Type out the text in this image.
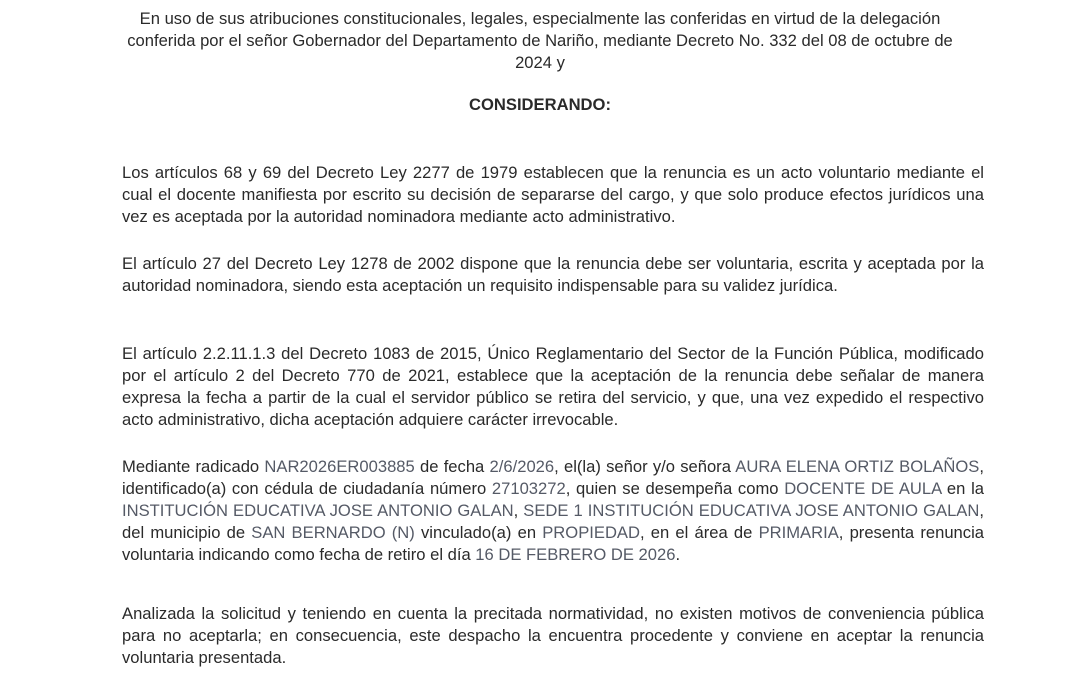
En uso de sus atribuciones constitucionales, legales, especialmente las conferidas en virtud de la delegación conferida por el señor Gobernador del Departamento de Nariño, mediante Decreto No. 332 del 08 de octubre de 2024 y

CONSIDERANDO:

Los artículos 68 y 69 del Decreto Ley 2277 de 1979 establecen que la renuncia es un acto voluntario mediante el cual el docente manifiesta por escrito su decisión de separarse del cargo, y que solo produce efectos jurídicos una vez es aceptada por la autoridad nominadora mediante acto administrativo.

El artículo 27 del Decreto Ley 1278 de 2002 dispone que la renuncia debe ser voluntaria, escrita y aceptada por la autoridad nominadora, siendo esta aceptación un requisito indispensable para su validez jurídica.

El artículo 2.2.11.1.3 del Decreto 1083 de 2015, Único Reglamentario del Sector de la Función Pública, modificado por el artículo 2 del Decreto 770 de 2021, establece que la aceptación de la renuncia debe señalar de manera expresa la fecha a partir de la cual el servidor público se retira del servicio, y que, una vez expedido el respectivo acto administrativo, dicha aceptación adquiere carácter irrevocable.

Mediante radicado NAR2026ER003885 de fecha 2/6/2026, el(la) señor y/o señora AURA ELENA ORTIZ BOLAÑOS, identificado(a) con cédula de ciudadanía número 27103272, quien se desempeña como DOCENTE DE AULA en la INSTITUCIÓN EDUCATIVA JOSE ANTONIO GALAN, SEDE 1 INSTITUCIÓN EDUCATIVA JOSE ANTONIO GALAN, del municipio de SAN BERNARDO (N) vinculado(a) en PROPIEDAD, en el área de PRIMARIA, presenta renuncia voluntaria indicando como fecha de retiro el día 16 DE FEBRERO DE 2026.

Analizada la solicitud y teniendo en cuenta la precitada normatividad, no existen motivos de conveniencia pública para no aceptarla; en consecuencia, este despacho la encuentra procedente y conviene en aceptar la renuncia voluntaria presentada.
